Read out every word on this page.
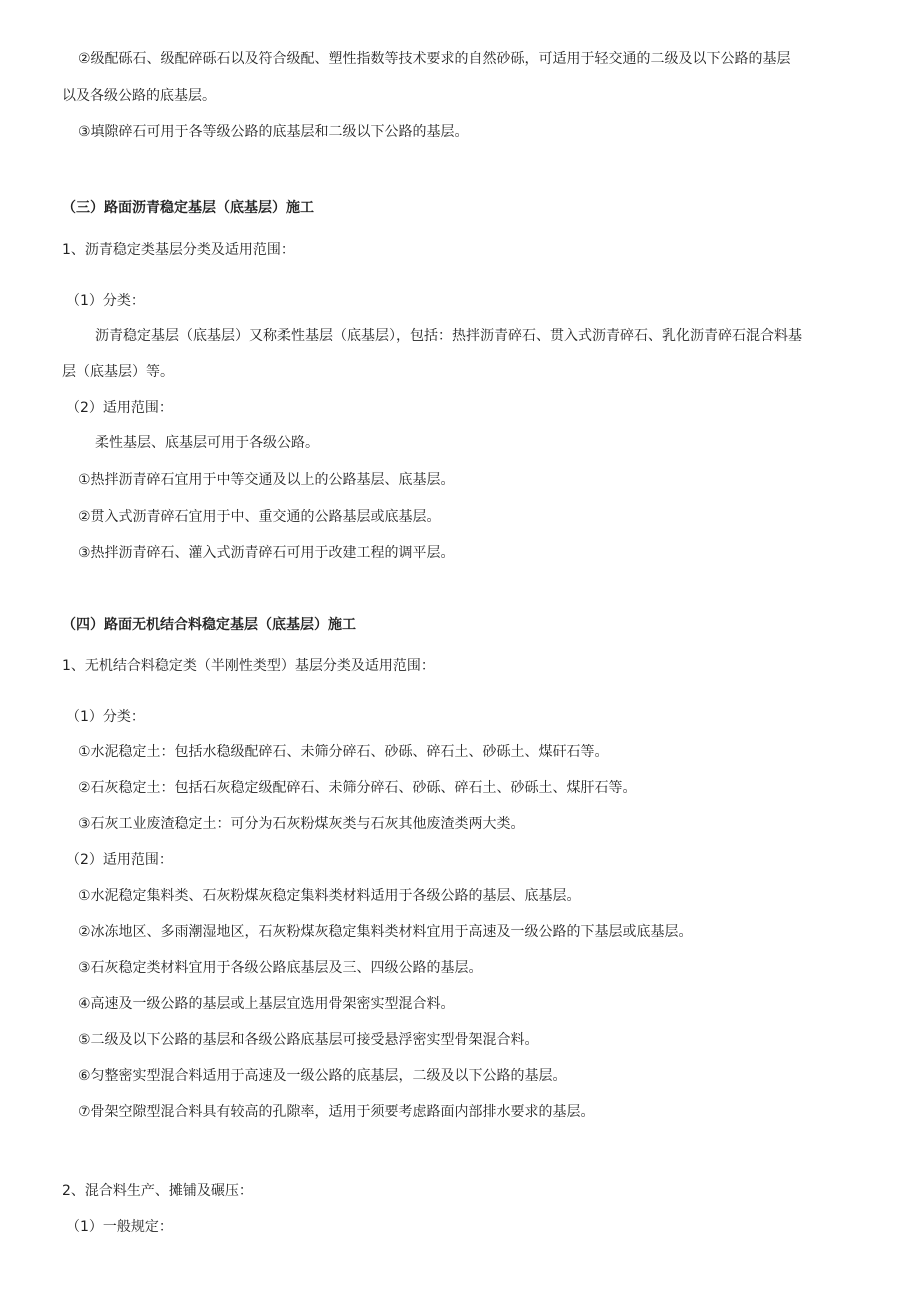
②级配砾石、级配碎砾石以及符合级配、塑性指数等技术要求的自然砂砾，可适用于轻交通的二级及以下公路的基层
以及各级公路的底基层。
③填隙碎石可用于各等级公路的底基层和二级以下公路的基层。
（三）路面沥青稳定基层（底基层）施工
1、沥青稳定类基层分类及适用范围：
（1）分类：
沥青稳定基层（底基层）又称柔性基层（底基层），包括：热拌沥青碎石、贯入式沥青碎石、乳化沥青碎石混合料基
层（底基层）等。
（2）适用范围：
柔性基层、底基层可用于各级公路。
①热拌沥青碎石宜用于中等交通及以上的公路基层、底基层。
②贯入式沥青碎石宜用于中、重交通的公路基层或底基层。
③热拌沥青碎石、灌入式沥青碎石可用于改建工程的调平层。
（四）路面无机结合料稳定基层（底基层）施工
1、无机结合料稳定类（半刚性类型）基层分类及适用范围：
（1）分类：
①水泥稳定土：包括水稳级配碎石、未筛分碎石、砂砾、碎石土、砂砾土、煤矸石等。
②石灰稳定土：包括石灰稳定级配碎石、未筛分碎石、砂砾、碎石土、砂砾土、煤肝石等。
③石灰工业废渣稳定土：可分为石灰粉煤灰类与石灰其他废渣类两大类。
（2）适用范围：
①水泥稳定集料类、石灰粉煤灰稳定集料类材料适用于各级公路的基层、底基层。
②冰冻地区、多雨潮湿地区，石灰粉煤灰稳定集料类材料宜用于高速及一级公路的下基层或底基层。
③石灰稳定类材料宜用于各级公路底基层及三、四级公路的基层。
④高速及一级公路的基层或上基层宜选用骨架密实型混合料。
⑤二级及以下公路的基层和各级公路底基层可接受悬浮密实型骨架混合料。
⑥匀整密实型混合料适用于高速及一级公路的底基层，二级及以下公路的基层。
⑦骨架空隙型混合料具有较高的孔隙率，适用于须要考虑路面内部排水要求的基层。
2、混合料生产、摊铺及碾压：
（1）一般规定：
